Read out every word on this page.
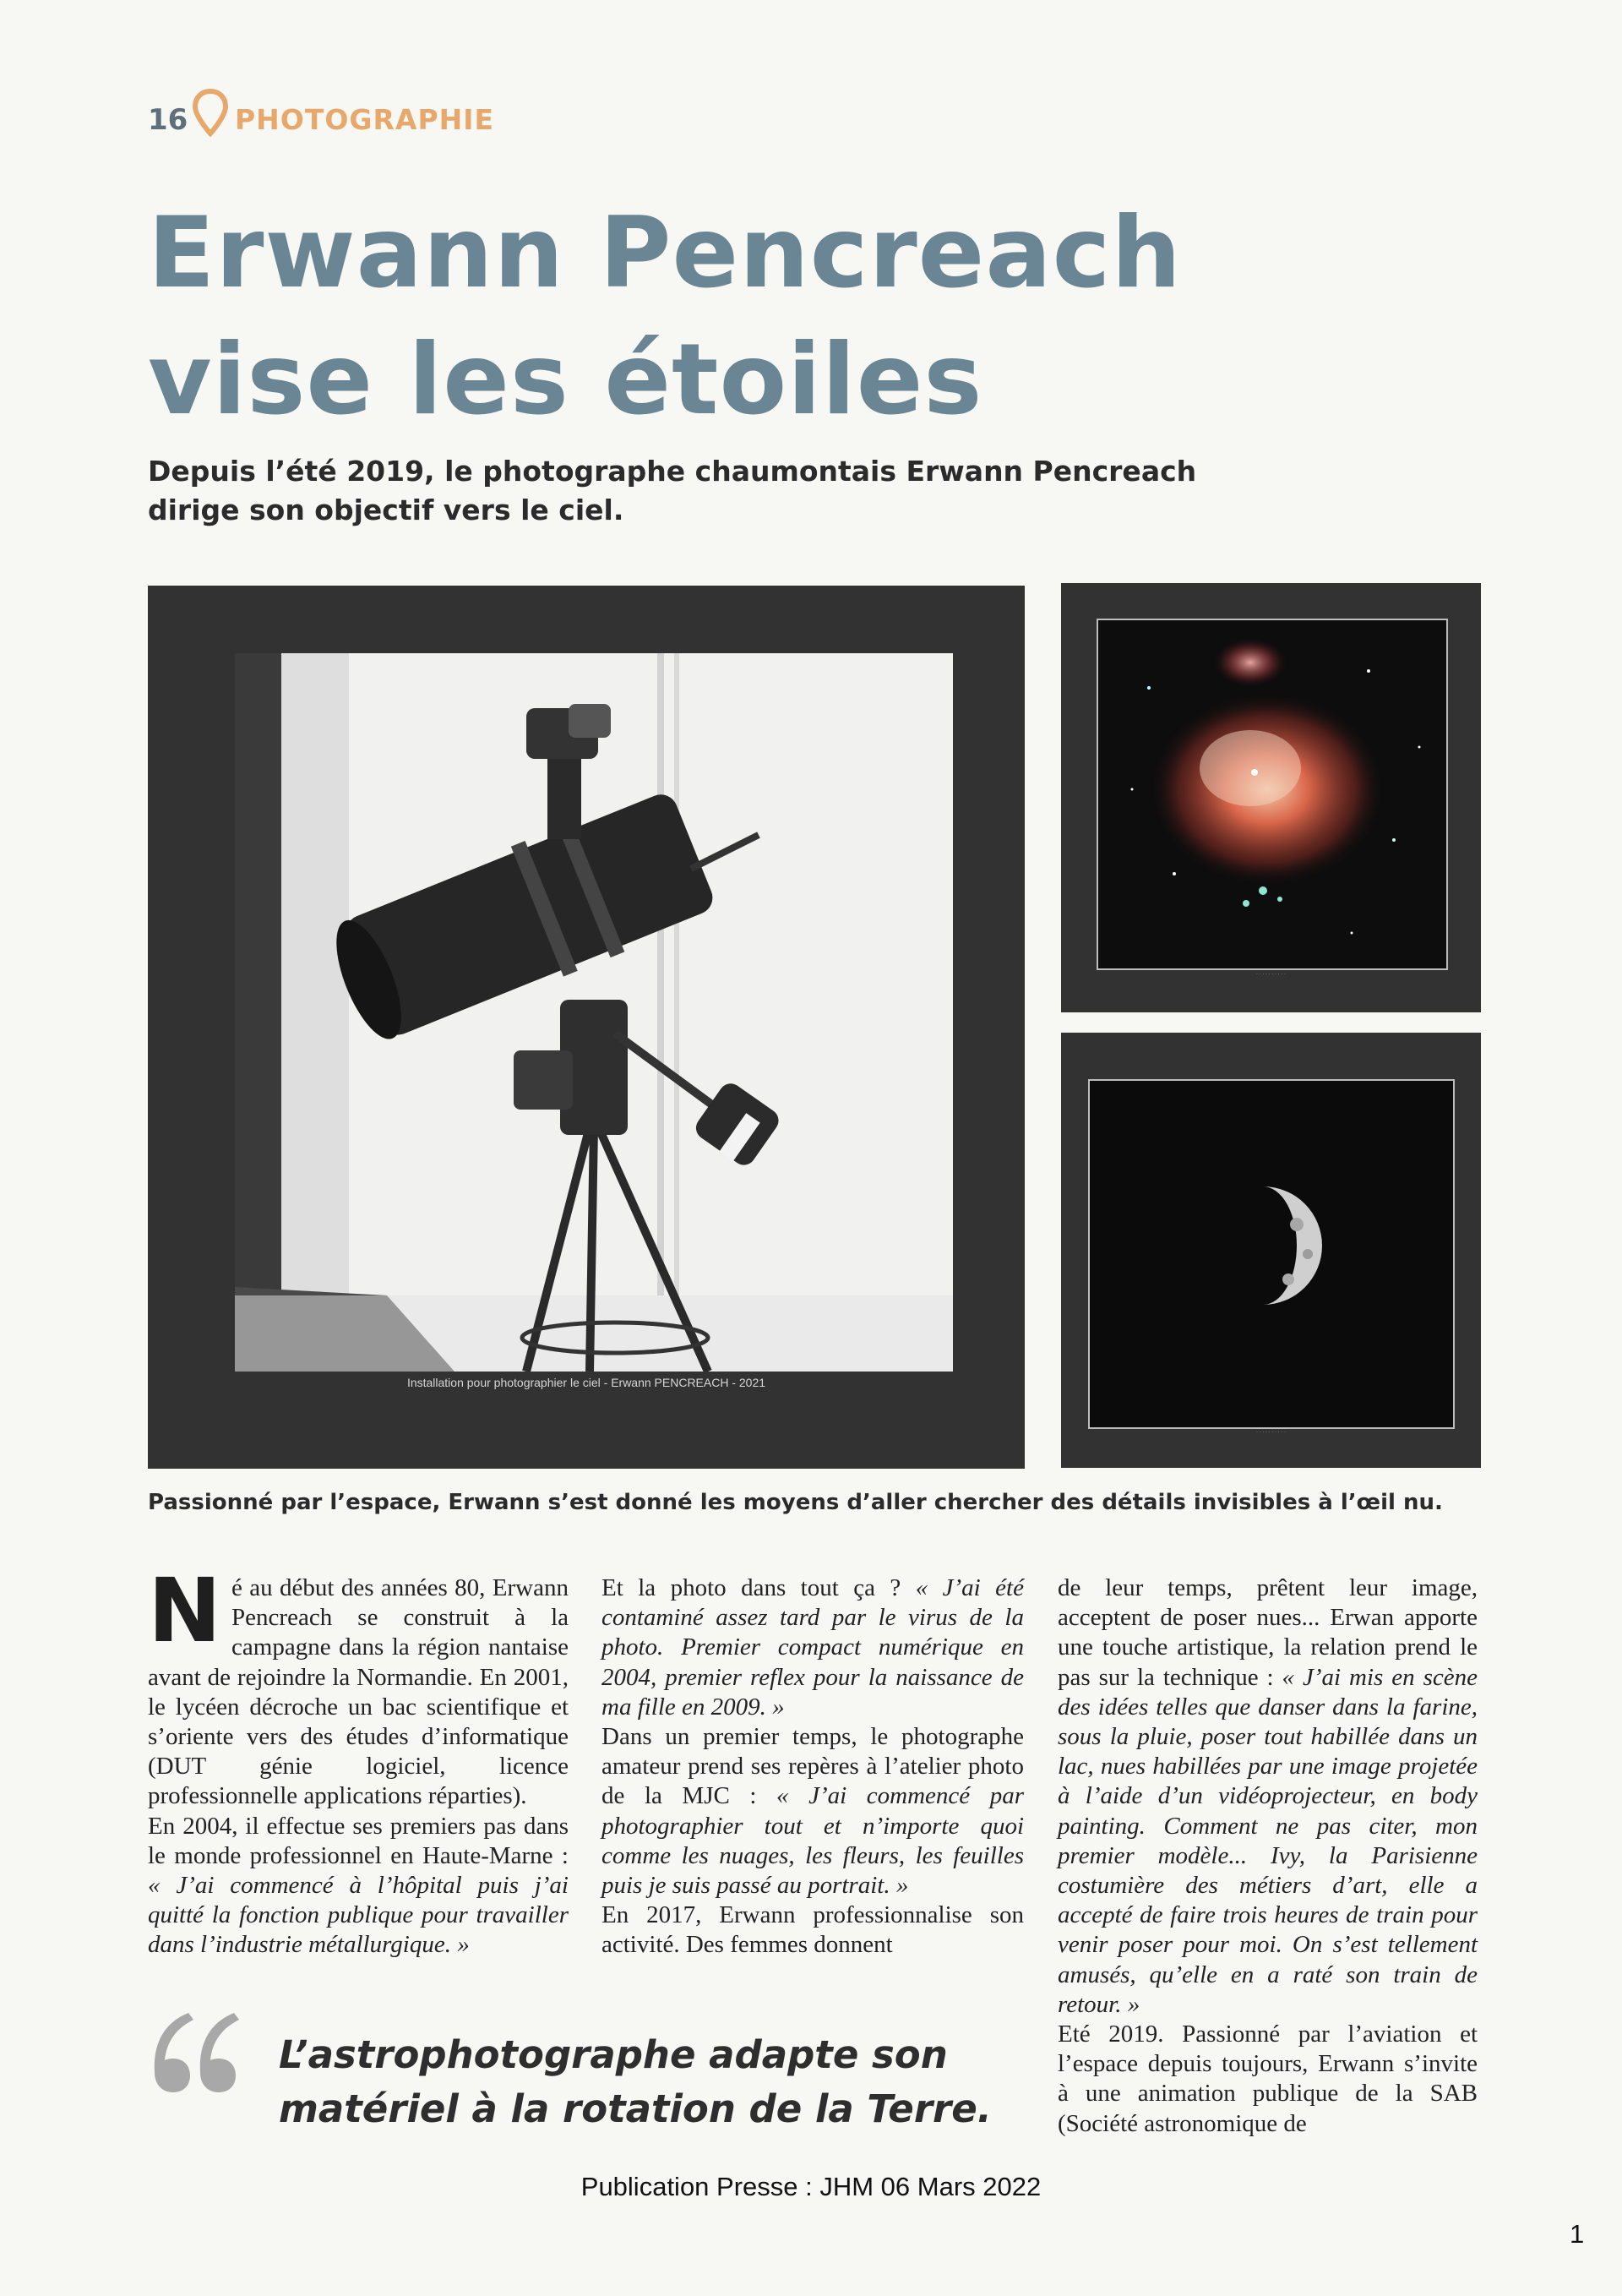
16 PHOTOGRAPHIE
Erwann Pencreach vise les étoiles

Depuis l’été 2019, le photographe chaumontais Erwann Pencreach dirige son objectif vers le ciel.

Installation pour photographier le ciel - Erwann PENCREACH - 2021
· · · · · · · · · ·
· · · · · · · · · ·

Passionné par l’espace, Erwann s’est donné les moyens d’aller chercher des détails invisibles à l’œil nu.

Né au début des années 80, Erwann Pencreach se construit à la campagne dans la région nantaise avant de rejoindre la Normandie. En 2001, le lycéen décroche un bac scientifique et s’oriente vers des études d’informatique (DUT génie logiciel, licence professionnelle applications réparties).

En 2004, il effectue ses premiers pas dans le monde professionnel en Haute-Marne : « J’ai commencé à l’hôpital puis j’ai quitté la fonction publique pour travailler dans l’industrie métallurgique. »

Et la photo dans tout ça ? « J’ai été contaminé assez tard par le virus de la photo. Premier compact numérique en 2004, premier reflex pour la naissance de ma fille en 2009. »

Dans un premier temps, le photographe amateur prend ses repères à l’atelier photo de la MJC : « J’ai commencé par photographier tout et n’importe quoi comme les nuages, les fleurs, les feuilles puis je suis passé au portrait. »

En 2017, Erwann professionnalise son activité. Des femmes donnent

de leur temps, prêtent leur image, acceptent de poser nues... Erwan apporte une touche artistique, la relation prend le pas sur la technique : « J’ai mis en scène des idées telles que danser dans la farine, sous la pluie, poser tout habillée dans un lac, nues habillées par une image projetée à l’aide d’un vidéoprojecteur, en body painting. Comment ne pas citer, mon premier modèle... Ivy, la Parisienne costumière des métiers d’art, elle a accepté de faire trois heures de train pour venir poser pour moi. On s’est tellement amusés, qu’elle en a raté son train de retour. »

Eté 2019. Passionné par l’aviation et l’espace depuis toujours, Erwann s’invite à une animation publique de la SAB (Société astronomique de

L’astrophotographe adapte son matériel à la rotation de la Terre.

Publication Presse : JHM 06 Mars 2022
1
